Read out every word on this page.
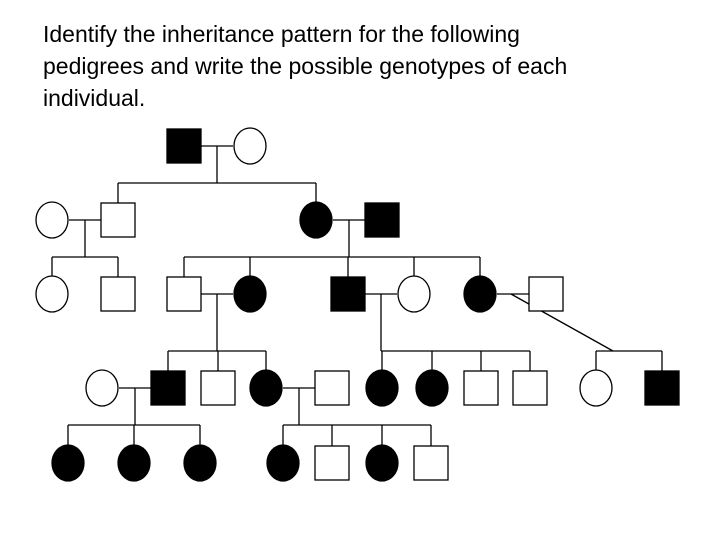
Identify the inheritance pattern for the following
pedigrees and write the possible genotypes of each
individual.
